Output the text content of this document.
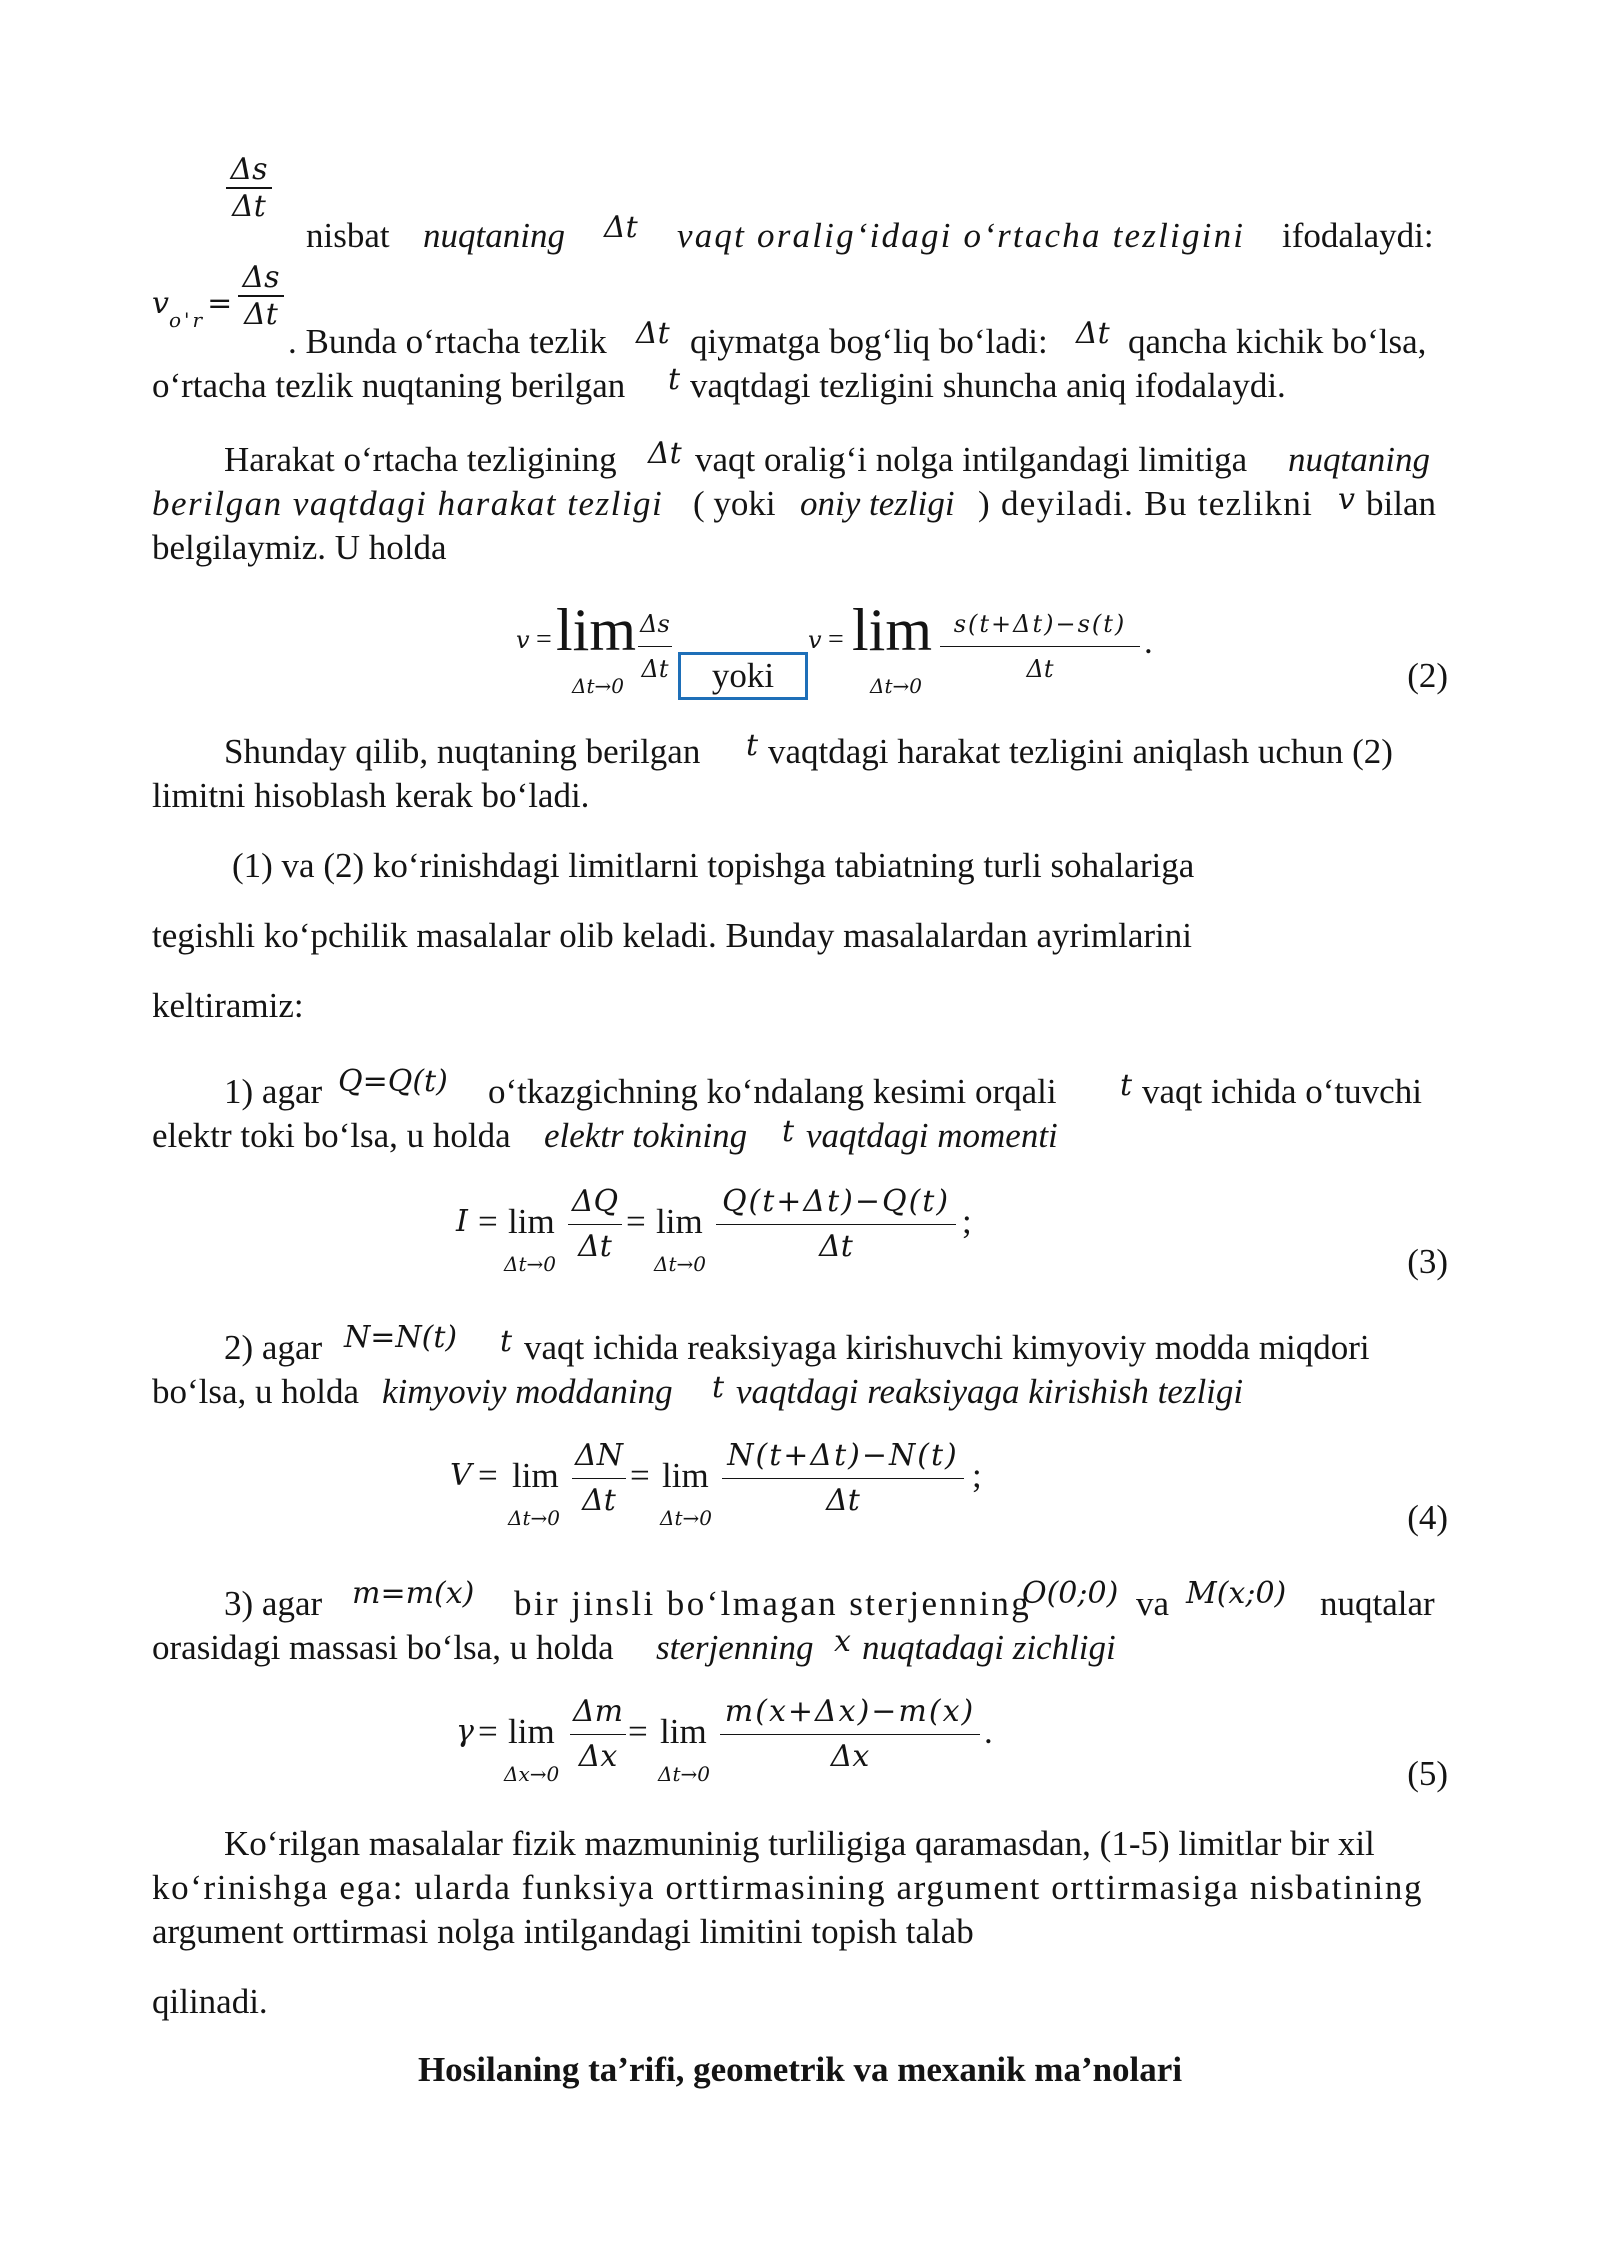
Δs
Δt
nisbat nuqtaning Δt vaqt oralig‘idagi o‘rtacha tezligini ifodalaydi:
$v_{o'r}=$
Δs
Δt
. Bunda o‘rtacha tezlik Δt qiymatga bog‘liq bo‘ladi: Δt qancha kichik bo‘lsa,
o‘rtacha tezlik nuqtaning berilgan t vaqtdagi tezligini shuncha aniq ifodalaydi.
Harakat o‘rtacha tezligining Δt vaqt oralig‘i nolga intilgandagi limitiga nuqtaning
berilgan vaqtdagi harakat tezligi ( yoki oniy tezligi ) deyiladi. Bu tezlikni v bilan
belgilaymiz. U holda
v = lim
Δt→0
Δs
Δt	yoki
v = lim
Δt→0
s(t+Δt)−s(t)
Δt
.
(2)
Shunday qilib, nuqtaning berilgan t vaqtdagi harakat tezligini aniqlash uchun (2)
limitni hisoblash kerak bo‘ladi.
(1) va (2) ko‘rinishdagi limitlarni topishga tabiatning turli sohalariga
tegishli ko‘pchilik masalalar olib keladi. Bunday masalalardan ayrimlarini
keltiramiz:
1) agar Q=Q(t) o‘tkazgichning ko‘ndalang kesimi orqali t vaqt ichida o‘tuvchi
elektr toki bo‘lsa, u holda elektr tokining t vaqtdagi momenti
I = lim
Δt→0
ΔQ
Δt
= lim
Δt→0
Q(t+Δt)−Q(t)
Δt
;
(3)
2) agar N=N(t) t vaqt ichida reaksiyaga kirishuvchi kimyoviy modda miqdori
bo‘lsa, u holda kimyoviy moddaning t vaqtdagi reaksiyaga kirishish tezligi
V = lim
Δt→0
ΔN
Δt
= lim
Δt→0
N(t+Δt)−N(t)
Δt
;
(4)
3) agar m=m(x) bir jinsli bo‘lmagan sterjenning
O(0;0) va M(x;0) nuqtalar
orasidagi massasi bo‘lsa, u holda sterjenning x nuqtadagi zichligi
γ = lim
Δx→0
Δm
Δx
= lim
Δt→0
m(x+Δx)−m(x)
Δx
.
(5)
Ko‘rilgan masalalar fizik mazmuninig turliligiga qaramasdan, (1-5) limitlar bir xil
ko‘rinishga ega: ularda funksiya orttirmasining argument orttirmasiga nisbatining
argument orttirmasi nolga intilgandagi limitini topish talab
qilinadi.
Hosilaning ta’rifi, geometrik va mexanik ma’nolari
